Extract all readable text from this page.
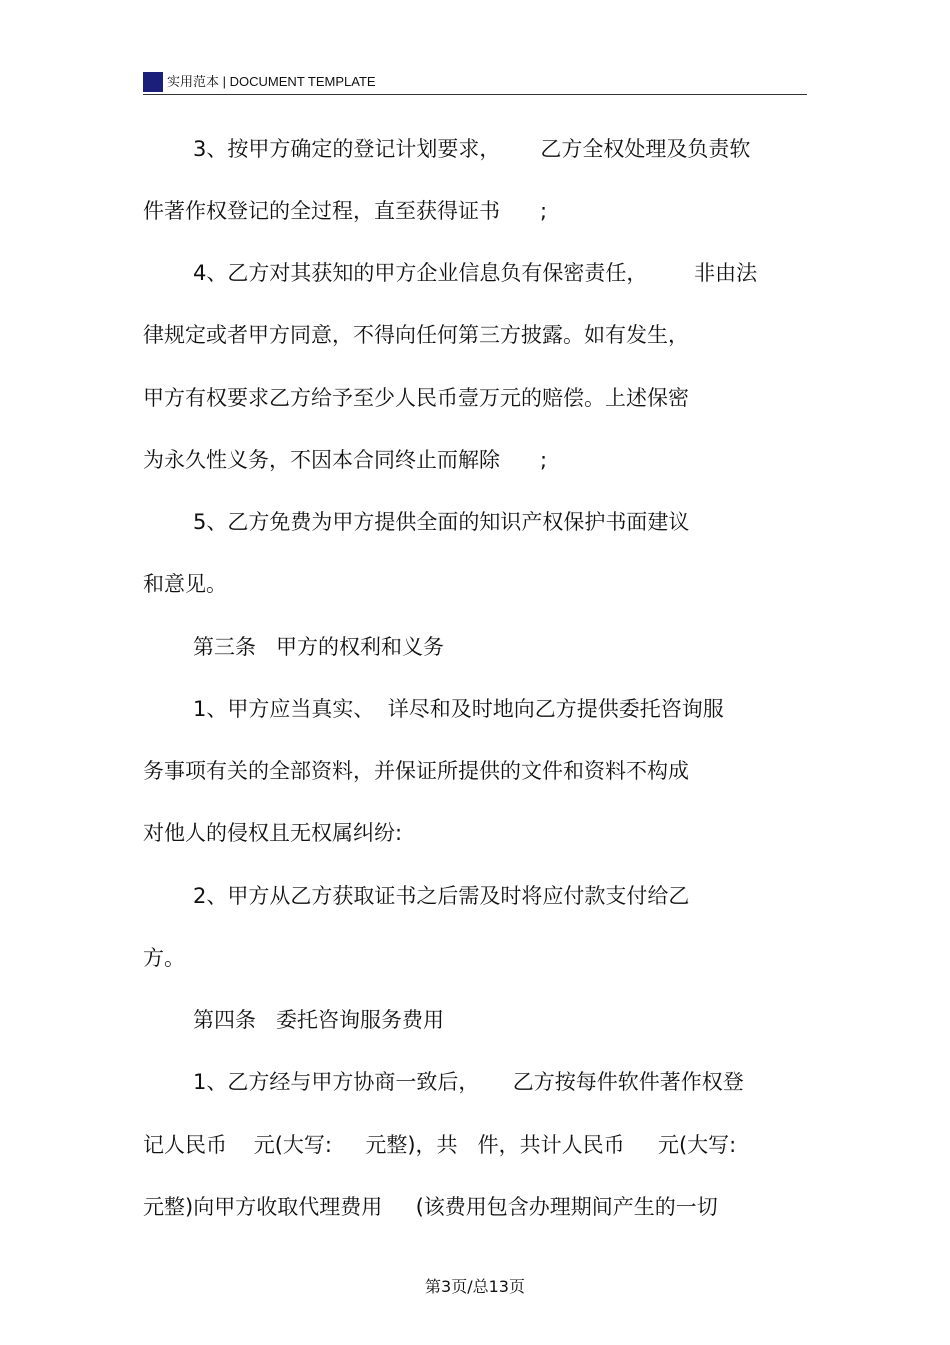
实用范本 | DOCUMENT TEMPLATE
3、按甲方确定的登记计划要求，      乙方全权处理及负责软
件著作权登记的全过程，直至获得证书      ;
4、乙方对其获知的甲方企业信息负有保密责任，       非由法
律规定或者甲方同意，不得向任何第三方披露。如有发生，
甲方有权要求乙方给予至少人民币壹万元的赔偿。上述保密
为永久性义务，不因本合同终止而解除      ;
5、乙方免费为甲方提供全面的知识产权保护书面建议
和意见。
第三条   甲方的权利和义务
1、甲方应当真实、  详尽和及时地向乙方提供委托咨询服
务事项有关的全部资料，并保证所提供的文件和资料不构成
对他人的侵权且无权属纠纷:
2、甲方从乙方获取证书之后需及时将应付款支付给乙
方。
第四条   委托咨询服务费用
1、乙方经与甲方协商一致后，     乙方按每件软件著作权登
记人民币    元(大写:     元整)，共   件，共计人民币     元(大写:
元整)向甲方收取代理费用     (该费用包含办理期间产生的一切
第3页/总13页
